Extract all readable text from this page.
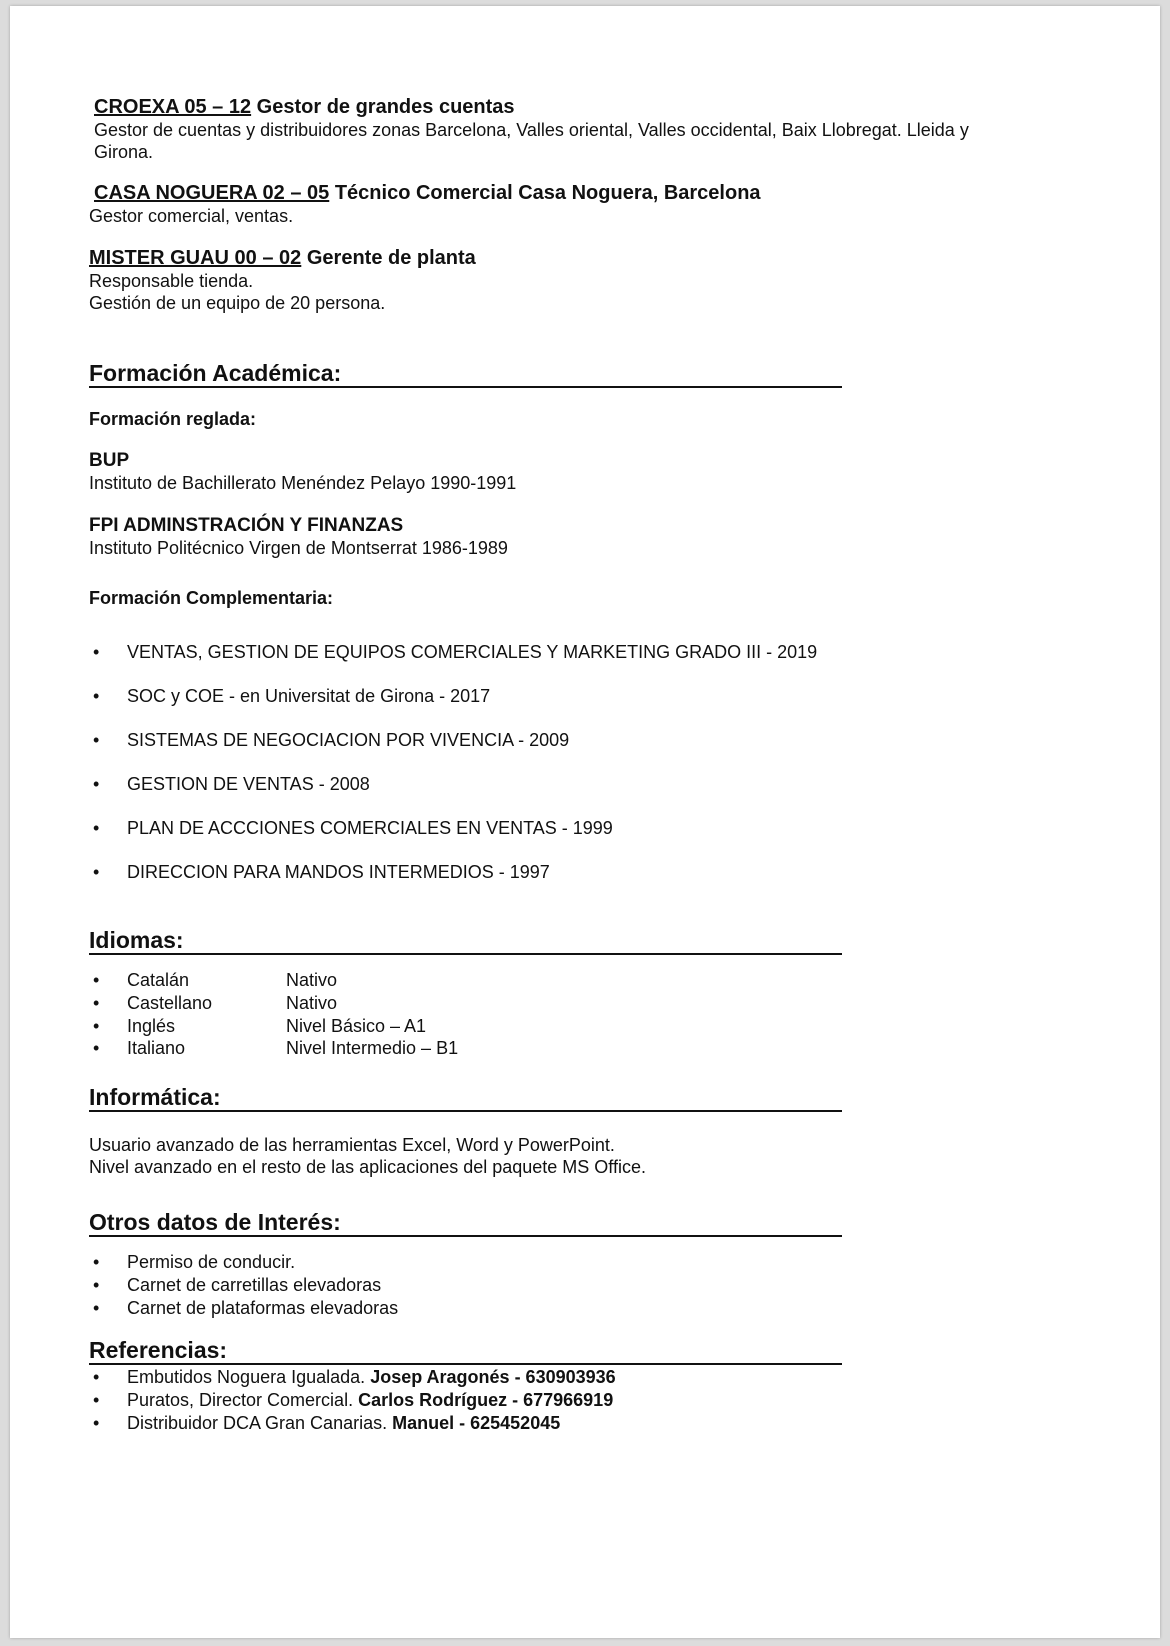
CROEXA 05 – 12 Gestor de grandes cuentas
Gestor de cuentas y distribuidores zonas Barcelona, Valles oriental, Valles occidental, Baix Llobregat. Lleida y
Girona.
CASA NOGUERA 02 – 05 Técnico Comercial Casa Noguera, Barcelona
Gestor comercial, ventas.
MISTER GUAU 00 – 02 Gerente de planta
Responsable tienda.
Gestión de un equipo de 20 persona.
Formación Académica:
Formación reglada:
BUP
Instituto de Bachillerato Menéndez Pelayo 1990-1991
FPI ADMINSTRACIÓN Y FINANZAS
Instituto Politécnico Virgen de Montserrat 1986-1989
Formación Complementaria:
•VENTAS, GESTION DE EQUIPOS COMERCIALES Y MARKETING GRADO III - 2019
•SOC y COE - en Universitat de Girona - 2017
•SISTEMAS DE NEGOCIACION POR VIVENCIA - 2009
•GESTION DE VENTAS - 2008
•PLAN DE ACCCIONES COMERCIALES EN VENTAS - 1999
•DIRECCION PARA MANDOS INTERMEDIOS - 1997
Idiomas:
•Catalán	Nativo
•Castellano	Nativo
•Inglés	Nivel Básico – A1
•Italiano	Nivel Intermedio – B1
Informática:
Usuario avanzado de las herramientas Excel, Word y PowerPoint.
Nivel avanzado en el resto de las aplicaciones del paquete MS Office.
Otros datos de Interés:
•Permiso de conducir.
•Carnet de carretillas elevadoras
•Carnet de plataformas elevadoras
Referencias:
•Embutidos Noguera Igualada. Josep Aragonés - 630903936
•Puratos, Director Comercial. Carlos Rodríguez - 677966919
•Distribuidor DCA Gran Canarias. Manuel - 625452045
